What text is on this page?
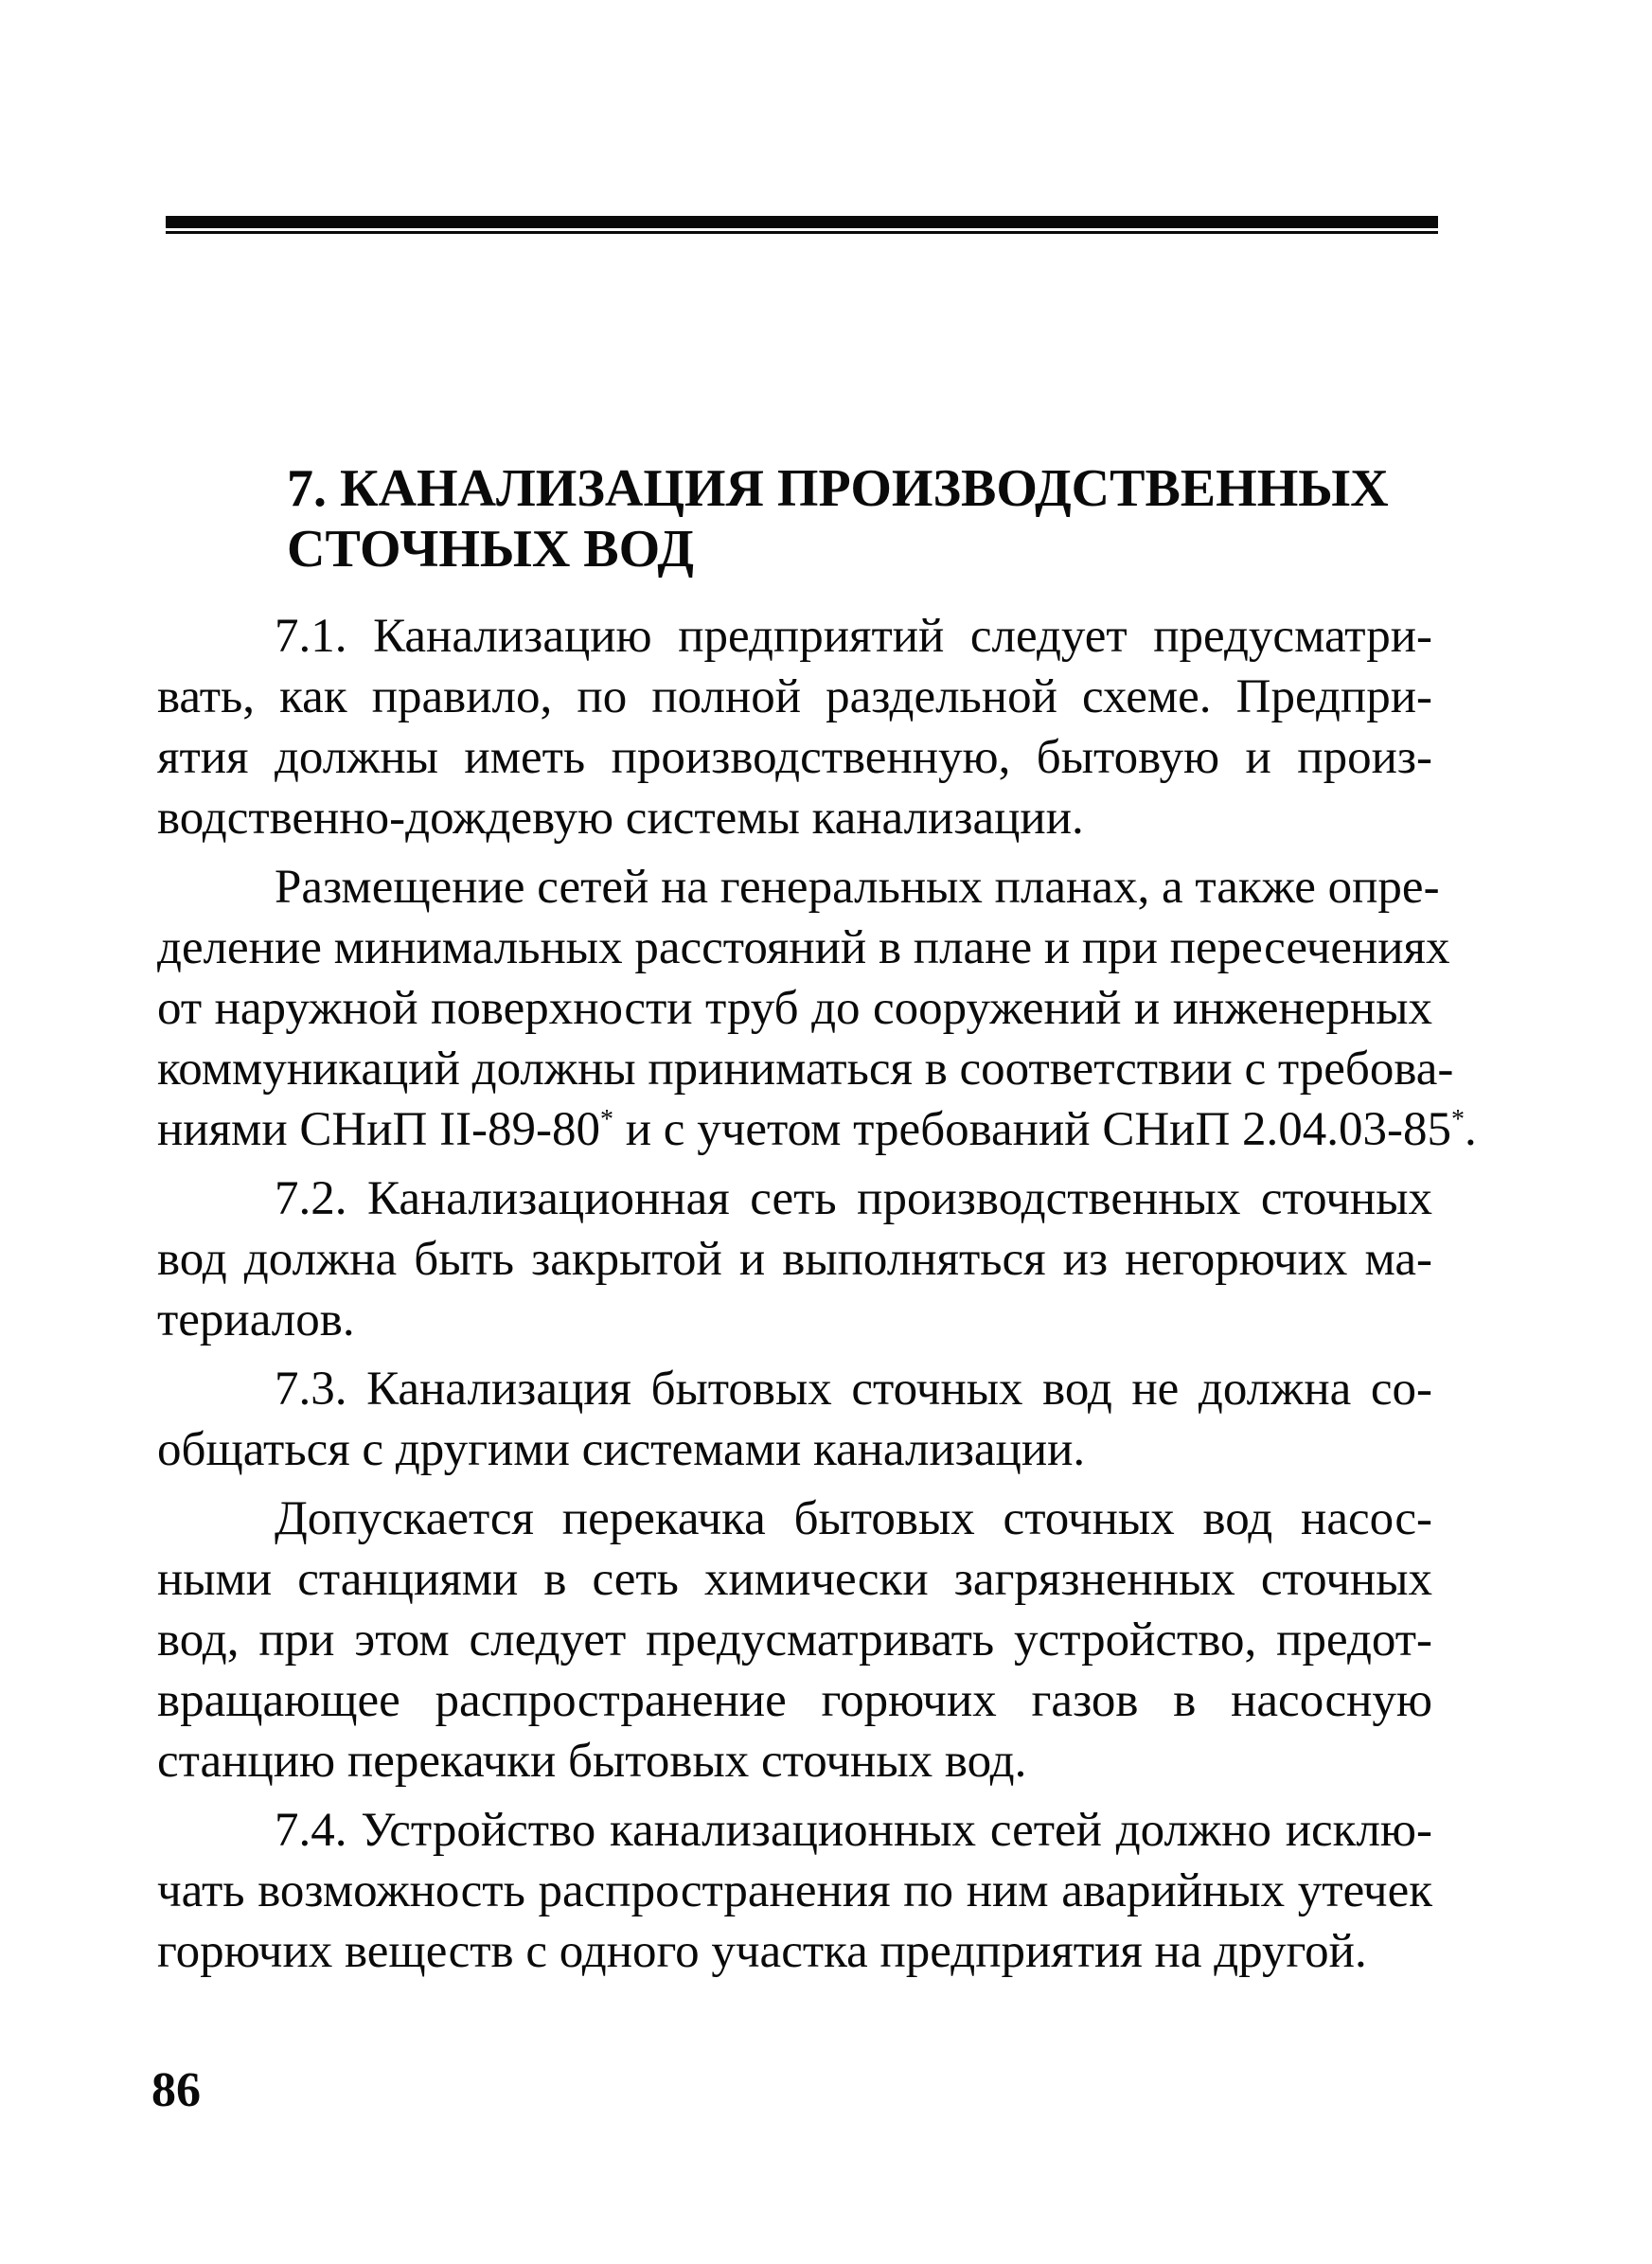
7. КАНАЛИЗАЦИЯ ПРОИЗВОДСТВЕННЫХ
СТОЧНЫХ ВОД

7.1. Канализацию предприятий следует предусматри-
вать, как правило, по полной раздельной схеме. Предпри-
ятия должны иметь производственную, бытовую и произ-
водственно-дождевую системы канализации.

Размещение сетей на генеральных планах, а также опре-
деление минимальных расстояний в плане и при пересечениях
от наружной поверхности труб до сооружений и инженерных
коммуникаций должны приниматься в соответствии с требова-
ниями СНиП II-89-80* и с учетом требований СНиП 2.04.03-85*.

7.2. Канализационная сеть производственных сточных
вод должна быть закрытой и выполняться из негорючих ма-
териалов.

7.3. Канализация бытовых сточных вод не должна со-
общаться с другими системами канализации.

Допускается перекачка бытовых сточных вод насос-
ными станциями в сеть химически загрязненных сточных
вод, при этом следует предусматривать устройство, предот-
вращающее распространение горючих газов в насосную
станцию перекачки бытовых сточных вод.

7.4. Устройство канализационных сетей должно исклю-
чать возможность распространения по ним аварийных утечек
горючих веществ с одного участка предприятия на другой.

86
